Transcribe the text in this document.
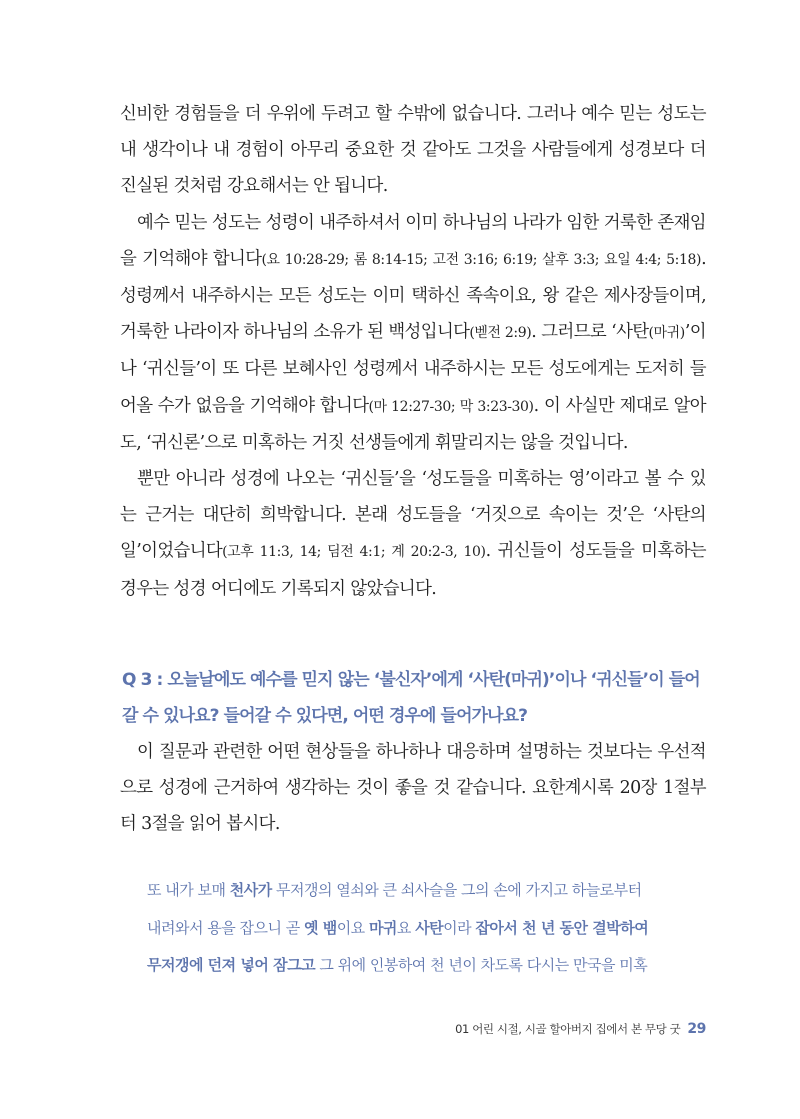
신비한 경험들을 더 우위에 두려고 할 수밖에 없습니다. 그러나 예수 믿는 성도는 내 생각이나 내 경험이 아무리 중요한 것 같아도 그것을 사람들에게 성경보다 더 진실된 것처럼 강요해서는 안 됩니다.

예수 믿는 성도는 성령이 내주하셔서 이미 하나님의 나라가 임한 거룩한 존재임을 기억해야 합니다(요 10:28-29; 롬 8:14-15; 고전 3:16; 6:19; 살후 3:3; 요일 4:4; 5:18). 성령께서 내주하시는 모든 성도는 이미 택하신 족속이요, 왕 같은 제사장들이며, 거룩한 나라이자 하나님의 소유가 된 백성입니다(벧전 2:9). 그러므로 ‘사탄(마귀)’이나 ‘귀신들’이 또 다른 보혜사인 성령께서 내주하시는 모든 성도에게는 도저히 들어올 수가 없음을 기억해야 합니다(마 12:27-30; 막 3:23-30). 이 사실만 제대로 알아도, ‘귀신론’으로 미혹하는 거짓 선생들에게 휘말리지는 않을 것입니다.

뿐만 아니라 성경에 나오는 ‘귀신들’을 ‘성도들을 미혹하는 영’이라고 볼 수 있는 근거는 대단히 희박합니다. 본래 성도들을 ‘거짓으로 속이는 것’은 ‘사탄의 일’이었습니다(고후 11:3, 14; 딤전 4:1; 계 20:2-3, 10). 귀신들이 성도들을 미혹하는 경우는 성경 어디에도 기록되지 않았습니다.

Q 3 : 오늘날에도 예수를 믿지 않는 ‘불신자’에게 ‘사탄(마귀)’이나 ‘귀신들’이 들어갈 수 있나요? 들어갈 수 있다면, 어떤 경우에 들어가나요?

이 질문과 관련한 어떤 현상들을 하나하나 대응하며 설명하는 것보다는 우선적으로 성경에 근거하여 생각하는 것이 좋을 것 같습니다. 요한계시록 20장 1절부터 3절을 읽어 봅시다.

또 내가 보매 천사가 무저갱의 열쇠와 큰 쇠사슬을 그의 손에 가지고 하늘로부터
내려와서 용을 잡으니 곧 옛 뱀이요 마귀요 사탄이라 잡아서 천 년 동안 결박하여
무저갱에 던져 넣어 잠그고 그 위에 인봉하여 천 년이 차도록 다시는 만국을 미혹
01 어린 시절, 시골 할아버지 집에서 본 무당 굿 29
